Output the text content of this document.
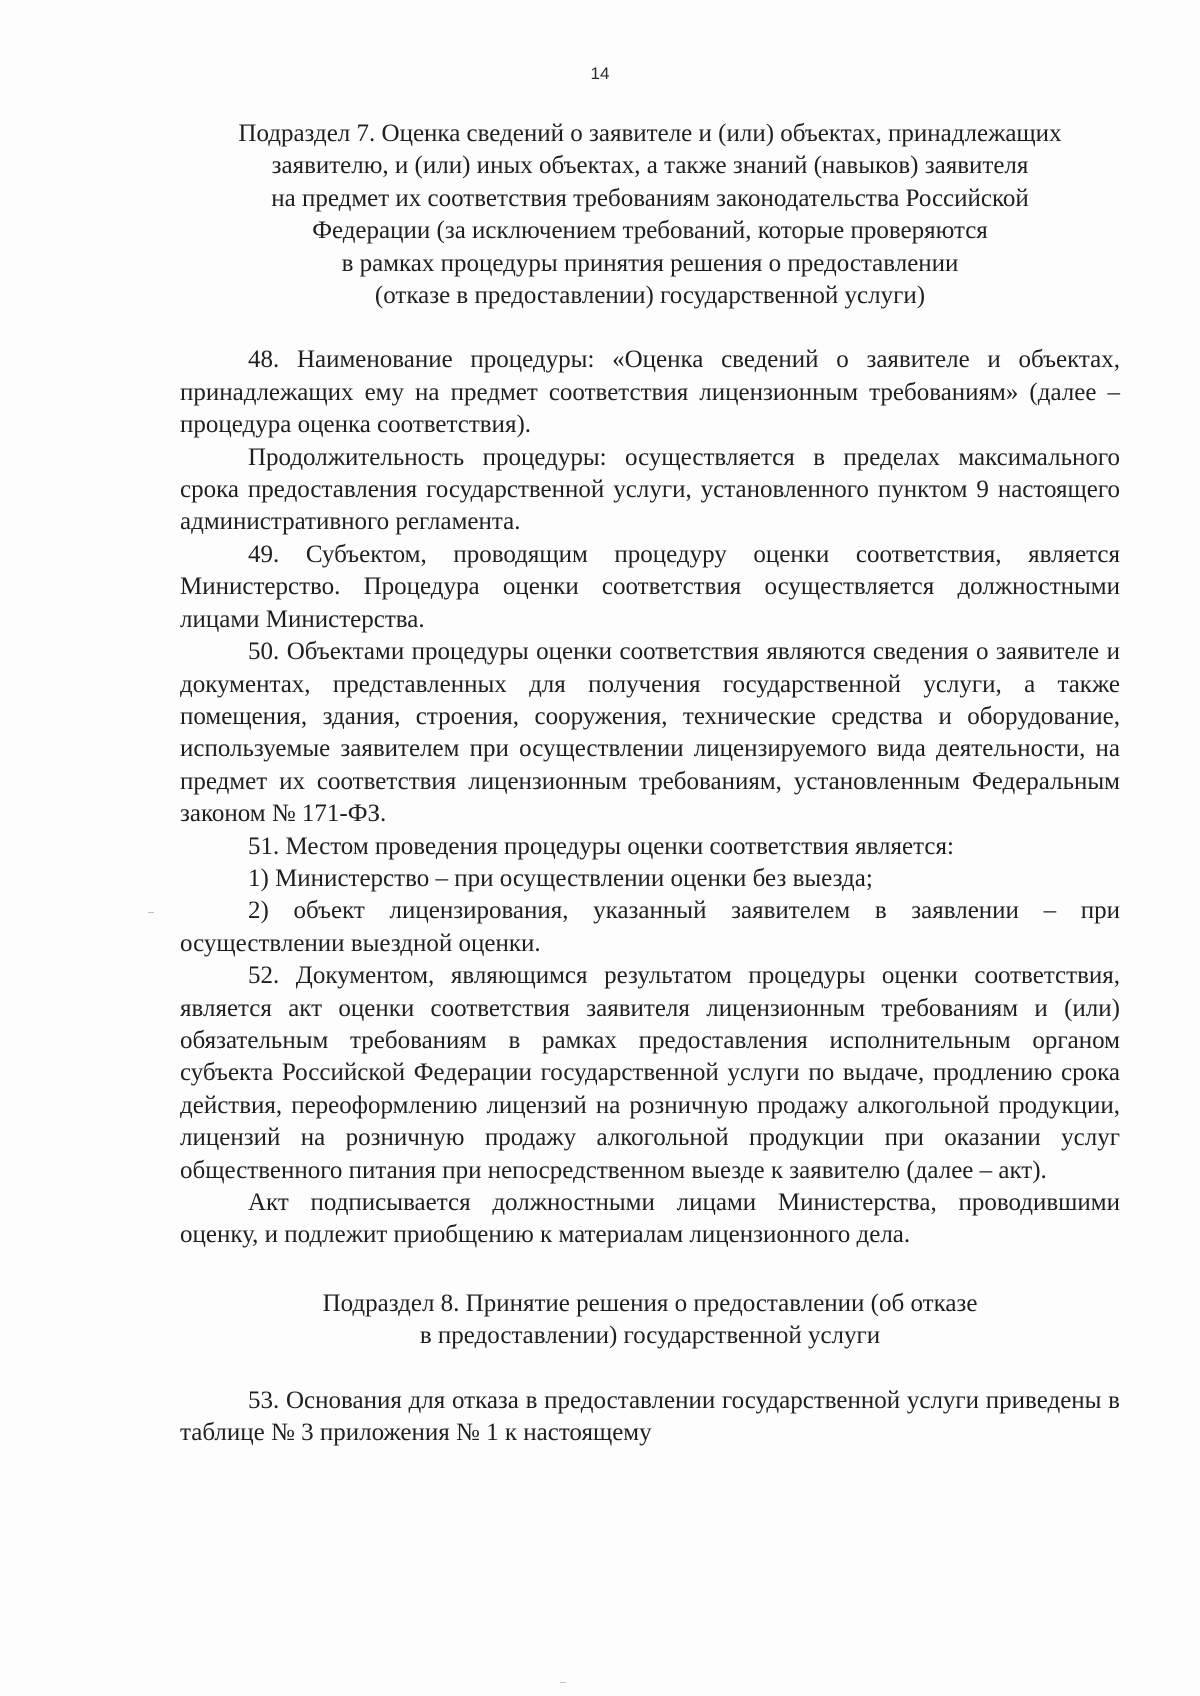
14
Подраздел 7. Оценка сведений о заявителе и (или) объектах, принадлежащих
заявителю, и (или) иных объектах, а также знаний (навыков) заявителя
на предмет их соответствия требованиям законодательства Российской
Федерации (за исключением требований, которые проверяются
в рамках процедуры принятия решения о предоставлении
(отказе в предоставлении) государственной услуги)

48. Наименование процедуры: «Оценка сведений о заявителе и объектах, принадлежащих ему на предмет соответствия лицензионным требованиям» (далее – процедура оценка соответствия).

Продолжительность процедуры: осуществляется в пределах максимального срока предоставления государственной услуги, установленного пунктом 9 настоящего административного регламента.

49. Субъектом, проводящим процедуру оценки соответствия, является Министерство. Процедура оценки соответствия осуществляется должностными лицами Министерства.

50. Объектами процедуры оценки соответствия являются сведения о заявителе и документах, представленных для получения государственной услуги, а также помещения, здания, строения, сооружения, технические средства и оборудование, используемые заявителем при осуществлении лицензируемого вида деятельности, на предмет их соответствия лицензионным требованиям, установленным Федеральным законом № 171-ФЗ.

51. Местом проведения процедуры оценки соответствия является:

1) Министерство – при осуществлении оценки без выезда;

2) объект лицензирования, указанный заявителем в заявлении – при осуществлении выездной оценки.

52. Документом, являющимся результатом процедуры оценки соответствия, является акт оценки соответствия заявителя лицензионным требованиям и (или) обязательным требованиям в рамках предоставления исполнительным органом субъекта Российской Федерации государственной услуги по выдаче, продлению срока действия, переоформлению лицензий на розничную продажу алкогольной продукции, лицензий на розничную продажу алкогольной продукции при оказании услуг общественного питания при непосредственном выезде к заявителю (далее – акт).

Акт подписывается должностными лицами Министерства, проводившими оценку, и подлежит приобщению к материалам лицензионного дела.

Подраздел 8. Принятие решения о предоставлении (об отказе
в предоставлении) государственной услуги

53. Основания для отказа в предоставлении государственной услуги приведены в таблице № 3 приложения № 1 к настоящему
